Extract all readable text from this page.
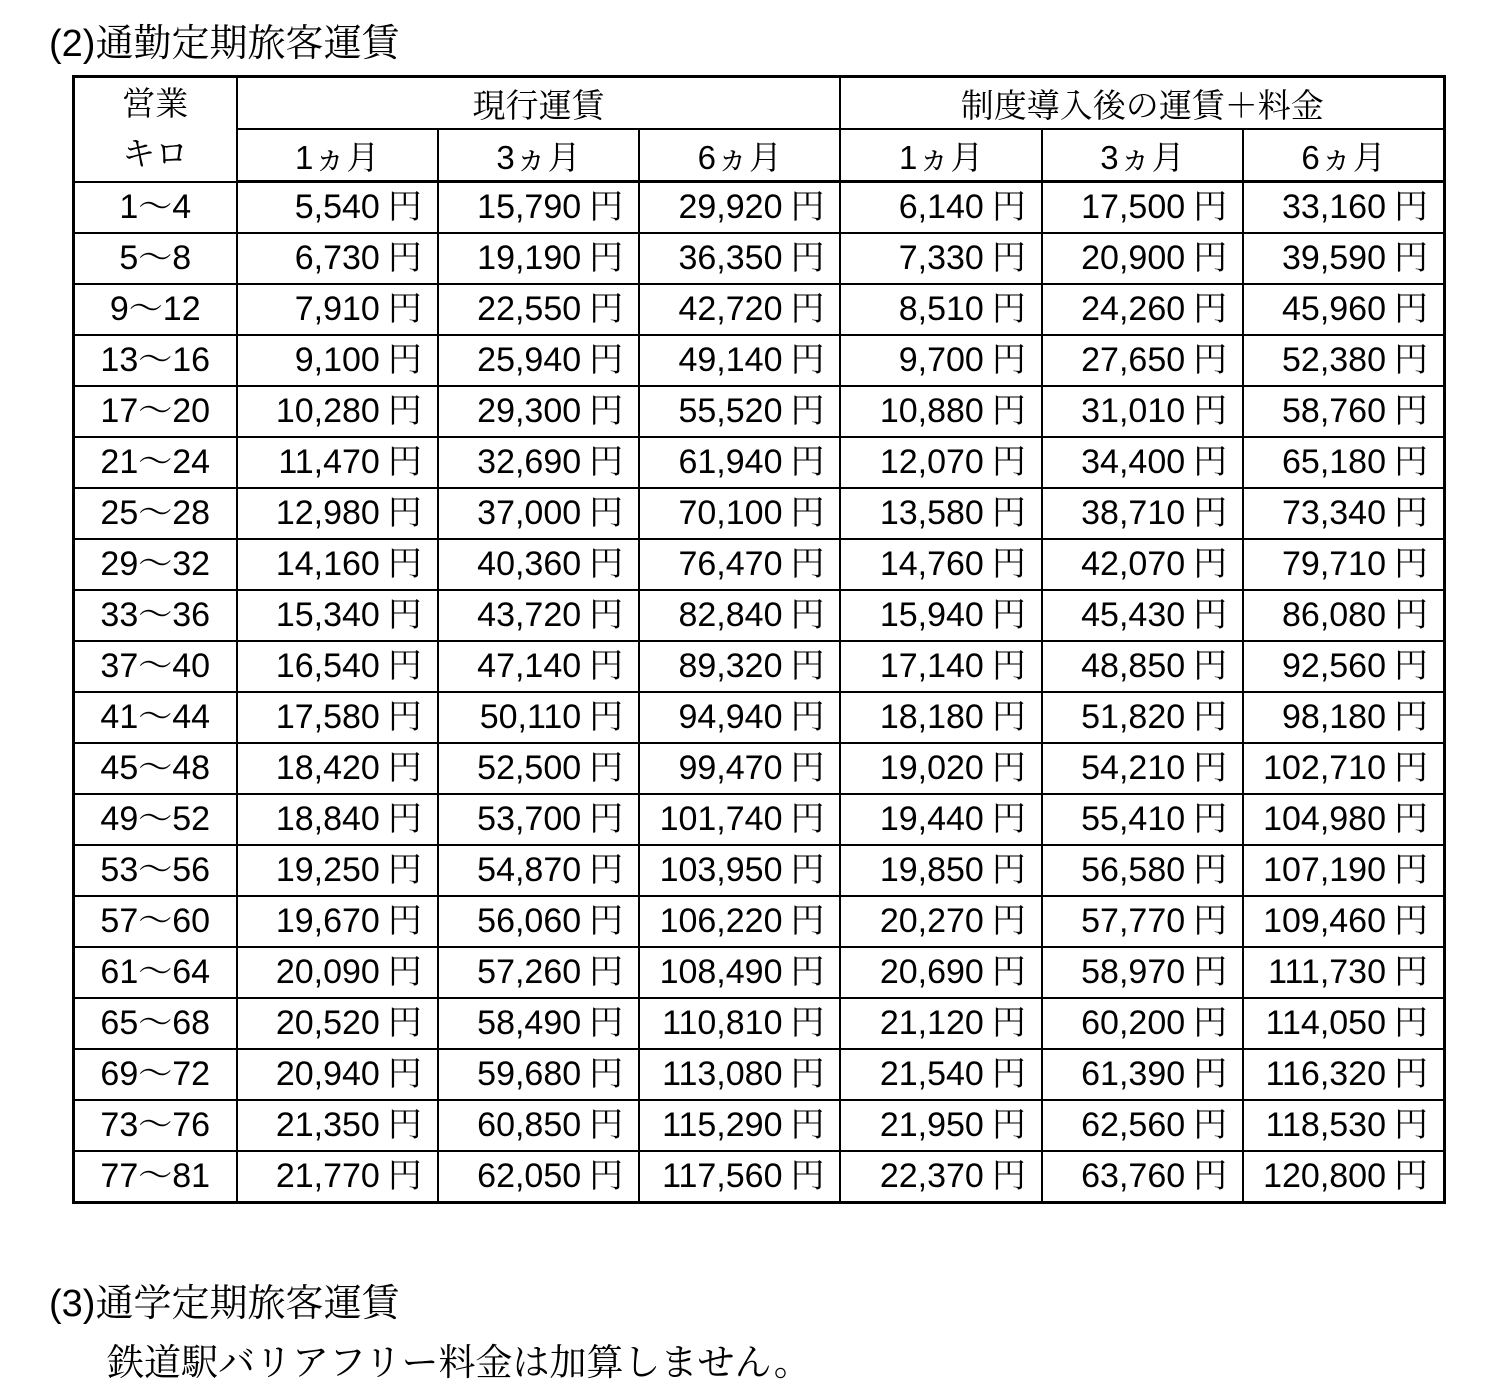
(2)通勤定期旅客運賃
営業
キロ	現行運賃			制度導入後の運賃＋料金		
	1ヵ月	3ヵ月	6ヵ月	1ヵ月	3ヵ月	6ヵ月
1〜4	5,540 円	15,790 円	29,920 円	6,140 円	17,500 円	33,160 円
5〜8	6,730 円	19,190 円	36,350 円	7,330 円	20,900 円	39,590 円
9〜12	7,910 円	22,550 円	42,720 円	8,510 円	24,260 円	45,960 円
13〜16	9,100 円	25,940 円	49,140 円	9,700 円	27,650 円	52,380 円
17〜20	10,280 円	29,300 円	55,520 円	10,880 円	31,010 円	58,760 円
21〜24	11,470 円	32,690 円	61,940 円	12,070 円	34,400 円	65,180 円
25〜28	12,980 円	37,000 円	70,100 円	13,580 円	38,710 円	73,340 円
29〜32	14,160 円	40,360 円	76,470 円	14,760 円	42,070 円	79,710 円
33〜36	15,340 円	43,720 円	82,840 円	15,940 円	45,430 円	86,080 円
37〜40	16,540 円	47,140 円	89,320 円	17,140 円	48,850 円	92,560 円
41〜44	17,580 円	50,110 円	94,940 円	18,180 円	51,820 円	98,180 円
45〜48	18,420 円	52,500 円	99,470 円	19,020 円	54,210 円	102,710 円
49〜52	18,840 円	53,700 円	101,740 円	19,440 円	55,410 円	104,980 円
53〜56	19,250 円	54,870 円	103,950 円	19,850 円	56,580 円	107,190 円
57〜60	19,670 円	56,060 円	106,220 円	20,270 円	57,770 円	109,460 円
61〜64	20,090 円	57,260 円	108,490 円	20,690 円	58,970 円	111,730 円
65〜68	20,520 円	58,490 円	110,810 円	21,120 円	60,200 円	114,050 円
69〜72	20,940 円	59,680 円	113,080 円	21,540 円	61,390 円	116,320 円
73〜76	21,350 円	60,850 円	115,290 円	21,950 円	62,560 円	118,530 円
77〜81	21,770 円	62,050 円	117,560 円	22,370 円	63,760 円	120,800 円
(3)通学定期旅客運賃
鉄道駅バリアフリー料金は加算しません。
